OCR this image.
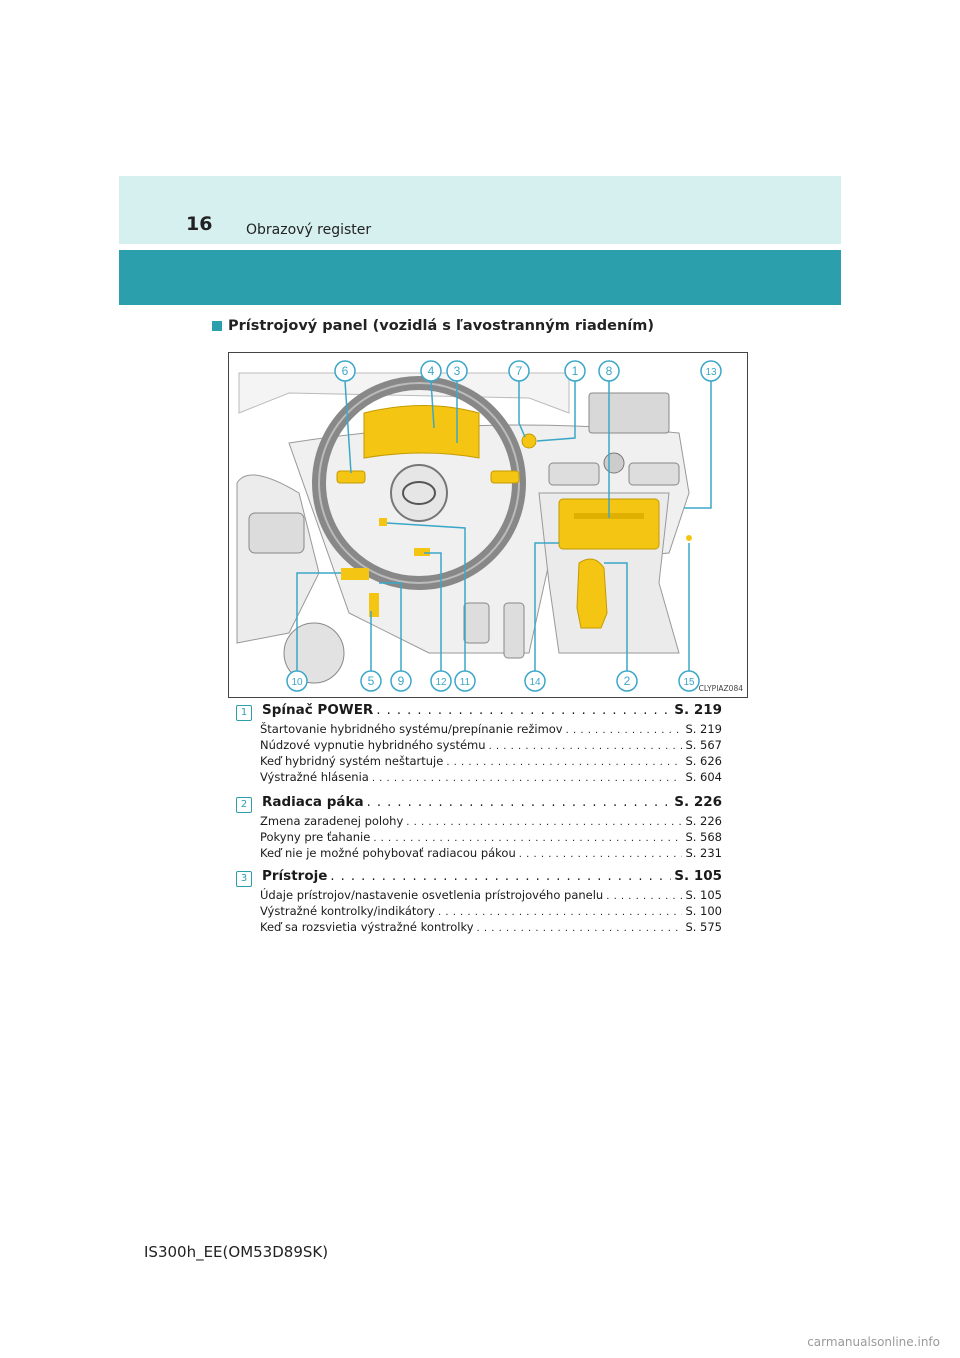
16 Obrazový register
Prístrojový panel (vozidlá s ľavostranným riadením)
6	4 3	7	1 8	13
10	5 9	12 11	14	2	15
CLYPIAZ084
1	Spínač POWER . . .	S. 219
Štartovanie hybridného systému/prepínanie režimov . . .	S. 219
Núdzové vypnutie hybridného systému . . .	S. 567
Keď hybridný systém neštartuje . . .	S. 626
Výstražné hlásenia . . .	S. 604
2	Radiaca páka . . .	S. 226
Zmena zaradenej polohy . . .	S. 226
Pokyny pre ťahanie . . .	S. 568
Keď nie je možné pohybovať radiacou pákou . . .	S. 231
3	Prístroje . . .	S. 105
Údaje prístrojov/nastavenie osvetlenia prístrojového panelu . . .	S. 105
Výstražné kontrolky/indikátory . . .	S. 100
Keď sa rozsvietia výstražné kontrolky . . .	S. 575
IS300h_EE(OM53D89SK)
carmanualsonline.info
